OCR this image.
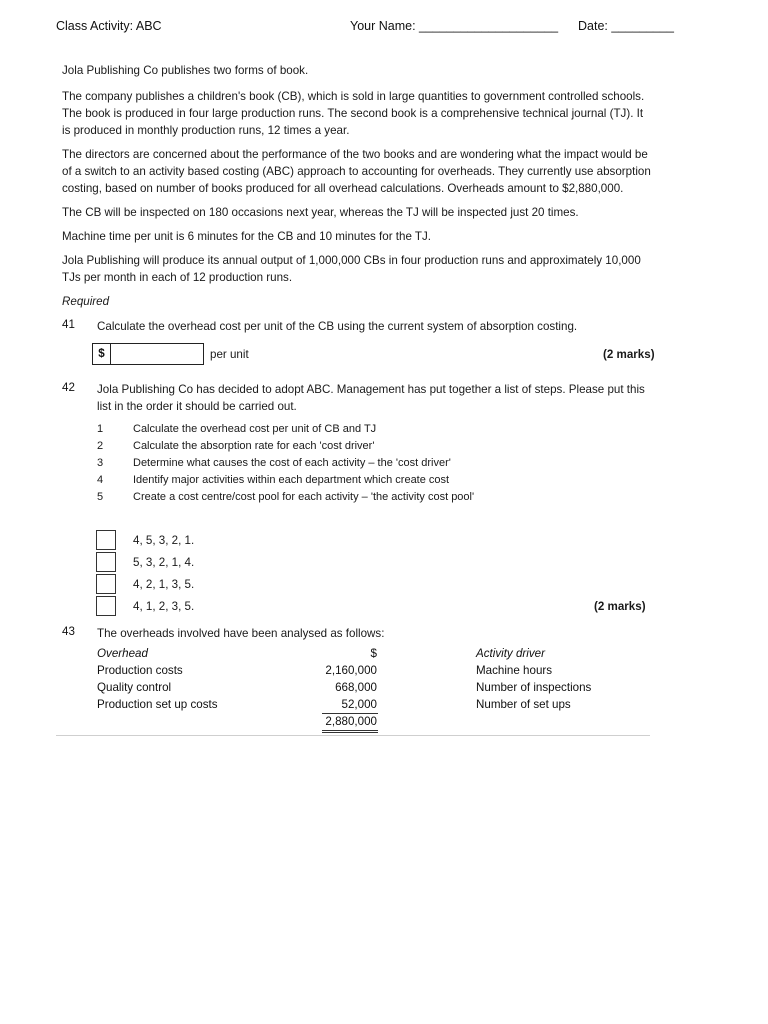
Class Activity: ABC	Your Name: ____________________ Date: _________
Jola Publishing Co publishes two forms of book.
The company publishes a children's book (CB), which is sold in large quantities to government controlled schools.
The book is produced in four large production runs. The second book is a comprehensive technical journal (TJ). It
is produced in monthly production runs, 12 times a year.
The directors are concerned about the performance of the two books and are wondering what the impact would be
of a switch to an activity based costing (ABC) approach to accounting for overheads. They currently use absorption
costing, based on number of books produced for all overhead calculations. Overheads amount to $2,880,000.
The CB will be inspected on 180 occasions next year, whereas the TJ will be inspected just 20 times.
Machine time per unit is 6 minutes for the CB and 10 minutes for the TJ.
Jola Publishing will produce its annual output of 1,000,000 CBs in four production runs and approximately 10,000
TJs per month in each of 12 production runs.
Required
41 Calculate the overhead cost per unit of the CB using the current system of absorption costing.
$	per unit	(2 marks)
42 Jola Publishing Co has decided to adopt ABC. Management has put together a list of steps. Please put this
list in the order it should be carried out.
1	Calculate the overhead cost per unit of CB and TJ
2	Calculate the absorption rate for each 'cost driver'
3	Determine what causes the cost of each activity – the 'cost driver'
4	Identify major activities within each department which create cost
5	Create a cost centre/cost pool for each activity – 'the activity cost pool'
4, 5, 3, 2, 1.
5, 3, 2, 1, 4.
4, 2, 1, 3, 5.
4, 1, 2, 3, 5.	(2 marks)
43 The overheads involved have been analysed as follows:
Overhead	$	Activity driver
Production costs	2,160,000	Machine hours
Quality control	668,000	Number of inspections
Production set up costs	52,000	Number of set ups
2,880,000
